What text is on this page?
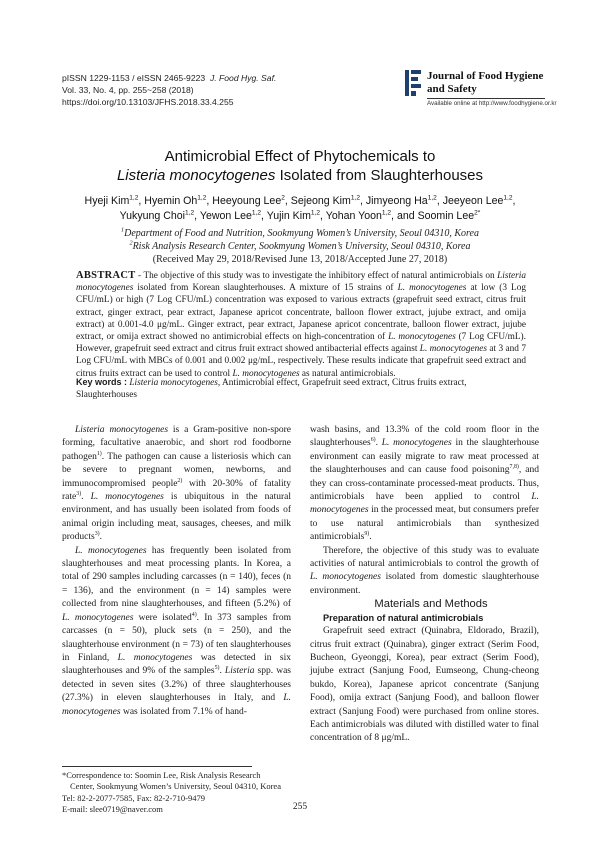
pISSN 1229-1153 / eISSN 2465-9223 J. Food Hyg. Saf.
Vol. 33, No. 4, pp. 255~258 (2018)
https://doi.org/10.13103/JFHS.2018.33.4.255
Journal of Food Hygiene
and Safety
Available online at http://www.foodhygiene.or.kr
Antimicrobial Effect of Phytochemicals to
Listeria monocytogenes Isolated from Slaughterhouses
Hyeji Kim$^{1,2}$, Hyemin Oh$^{1,2}$, Heeyoung Lee$^2$, Sejeong Kim$^{1,2}$, Jimyeong Ha$^{1,2}$, Jeeyeon Lee$^{1,2}$,
Yukyung Choi$^{1,2}$, Yewon Lee$^{1,2}$, Yujin Kim$^{1,2}$, Yohan Yoon$^{1,2}$, and Soomin Lee$^{2*}$
$^1$Department of Food and Nutrition, Sookmyung Women’s University, Seoul 04310, Korea
$^2$Risk Analysis Research Center, Sookmyung Women’s University, Seoul 04310, Korea
(Received May 29, 2018/Revised June 13, 2018/Accepted June 27, 2018)
ABSTRACT - The objective of this study was to investigate the inhibitory effect of natural antimicrobials on Listeria monocytogenes isolated from Korean slaughterhouses. A mixture of 15 strains of L. monocytogenes at low (3 Log CFU/mL) or high (7 Log CFU/mL) concentration was exposed to various extracts (grapefruit seed extract, citrus fruit extract, ginger extract, pear extract, Japanese apricot concentrate, balloon flower extract, jujube extract, and omija extract) at 0.001-4.0 μg/mL. Ginger extract, pear extract, Japanese apricot concentrate, balloon flower extract, jujube extract, or omija extract showed no antimicrobial effects on high-concentration of L. monocytogenes (7 Log CFU/mL). However, grapefruit seed extract and citrus fruit extract showed antibacterial effects against L. monocytogenes at 3 and 7 Log CFU/mL with MBCs of 0.001 and 0.002 μg/mL, respectively. These results indicate that grapefruit seed extract and citrus fruits extract can be used to control L. monocytogenes as natural antimicrobials.
Key words : Listeria monocytogenes, Antimicrobial effect, Grapefruit seed extract, Citrus fruits extract, Slaughterhouses

Listeria monocytogenes is a Gram-positive non-spore forming, facultative anaerobic, and short rod foodborne pathogen$^{1)}$. The pathogen can cause a listeriosis which can be severe to pregnant women, newborns, and immunocompromised people$^{2)}$ with 20-30% of fatality rate$^{3)}$. L. monocytogenes is ubiquitous in the natural environment, and has usually been isolated from foods of animal origin including meat, sausages, cheeses, and milk products$^{3)}$.

L. monocytogenes has frequently been isolated from slaughterhouses and meat processing plants. In Korea, a total of 290 samples including carcasses (n = 140), feces (n = 136), and the environment (n = 14) samples were collected from nine slaughterhouses, and fifteen (5.2%) of L. monocytogenes were isolated$^{4)}$. In 373 samples from carcasses (n = 50), pluck sets (n = 250), and the slaughterhouse environment (n = 73) of ten slaughterhouses in Finland, L. monocytogenes was detected in six slaughterhouses and 9% of the samples$^{5)}$. Listeria spp. was detected in seven sites (3.2%) of three slaughterhouses (27.3%) in eleven slaughterhouses in Italy, and L. monocytogenes was isolated from 7.1% of hand-

wash basins, and 13.3% of the cold room floor in the slaughterhouses$^{6)}$. L. monocytogenes in the slaughterhouse environment can easily migrate to raw meat processed at the slaughterhouses and can cause food poisoning$^{7,8)}$, and they can cross-contaminate processed-meat products. Thus, antimicrobials have been applied to control L. monocytogenes in the processed meat, but consumers prefer to use natural antimicrobials than synthesized antimicrobials$^{9)}$.

Therefore, the objective of this study was to evaluate activities of natural antimicrobials to control the growth of L. monocytogenes isolated from domestic slaughterhouse environment.

Materials and Methods

Preparation of natural antimicrobials

Grapefruit seed extract (Quinabra, Eldorado, Brazil), citrus fruit extract (Quinabra), ginger extract (Serim Food, Bucheon, Gyeonggi, Korea), pear extract (Serim Food), jujube extract (Sanjung Food, Eumseong, Chung-cheong bukdo, Korea), Japanese apricot concentrate (Sanjung Food), omija extract (Sanjung Food), and balloon flower extract (Sanjung Food) were purchased from online stores. Each antimicrobials was diluted with distilled water to final concentration of 8 μg/mL.

*Correspondence to: Soomin Lee, Risk Analysis Research
Center, Sookmyung Women’s University, Seoul 04310, Korea
Tel: 82-2-2077-7585, Fax: 82-2-710-9479
E-mail: slee0719@naver.com	255
